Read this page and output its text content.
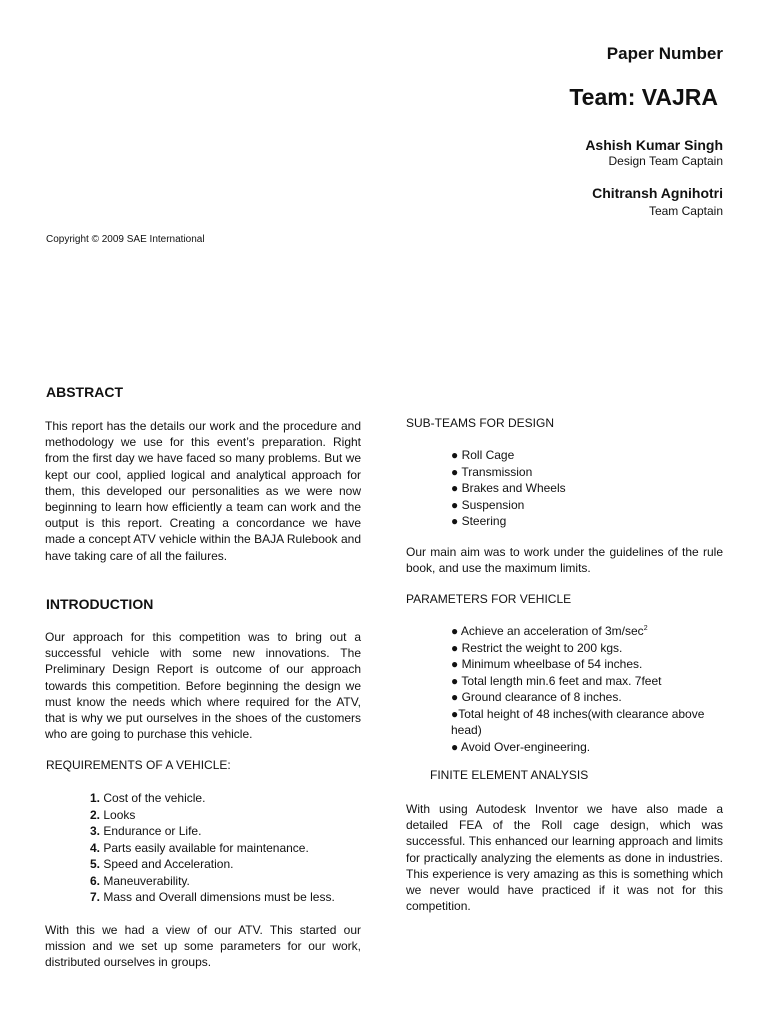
Paper Number
Team: VAJRA
Ashish Kumar Singh
Design Team Captain
Chitransh Agnihotri
Team Captain
Copyright © 2009 SAE International
ABSTRACT
This report has the details our work and the procedure and methodology we use for this event’s preparation. Right from the first day we have faced so many problems. But we kept our cool, applied logical and analytical approach for them, this developed our personalities as we were now beginning to learn how efficiently a team can work and the output is this report. Creating a concordance we have made a concept ATV vehicle within the BAJA Rulebook and have taking care of all the failures.
INTRODUCTION
Our approach for this competition was to bring out a successful vehicle with some new innovations. The Preliminary Design Report is outcome of our approach towards this competition. Before beginning the design we must know the needs which where required for the ATV, that is why we put ourselves in the shoes of the customers who are going to purchase this vehicle.
REQUIREMENTS OF A VEHICLE:
1. Cost of the vehicle.
2. Looks
3. Endurance or Life.
4. Parts easily available for maintenance.
5. Speed and Acceleration.
6. Maneuverability.
7. Mass and Overall dimensions must be less.
With this we had a view of our ATV. This started our mission and we set up some parameters for our work, distributed ourselves in groups.
SUB-TEAMS FOR DESIGN
● Roll Cage
● Transmission
● Brakes and Wheels
● Suspension
● Steering
Our main aim was to work under the guidelines of the rule book, and use the maximum limits.
PARAMETERS FOR VEHICLE
● Achieve an acceleration of $3m/\sec^2$
● Restrict the weight to 200 kgs.
● Minimum wheelbase of 54 inches.
● Total length min.6 feet and max. 7feet
● Ground clearance of 8 inches.
●Total height of 48 inches(with clearance above head)
● Avoid Over-engineering.
FINITE ELEMENT ANALYSIS
With using Autodesk Inventor we have also made a detailed FEA of the Roll cage design, which was successful. This enhanced our learning approach and limits for practically analyzing the elements as done in industries. This experience is very amazing as this is something which we never would have practiced if it was not for this competition.
